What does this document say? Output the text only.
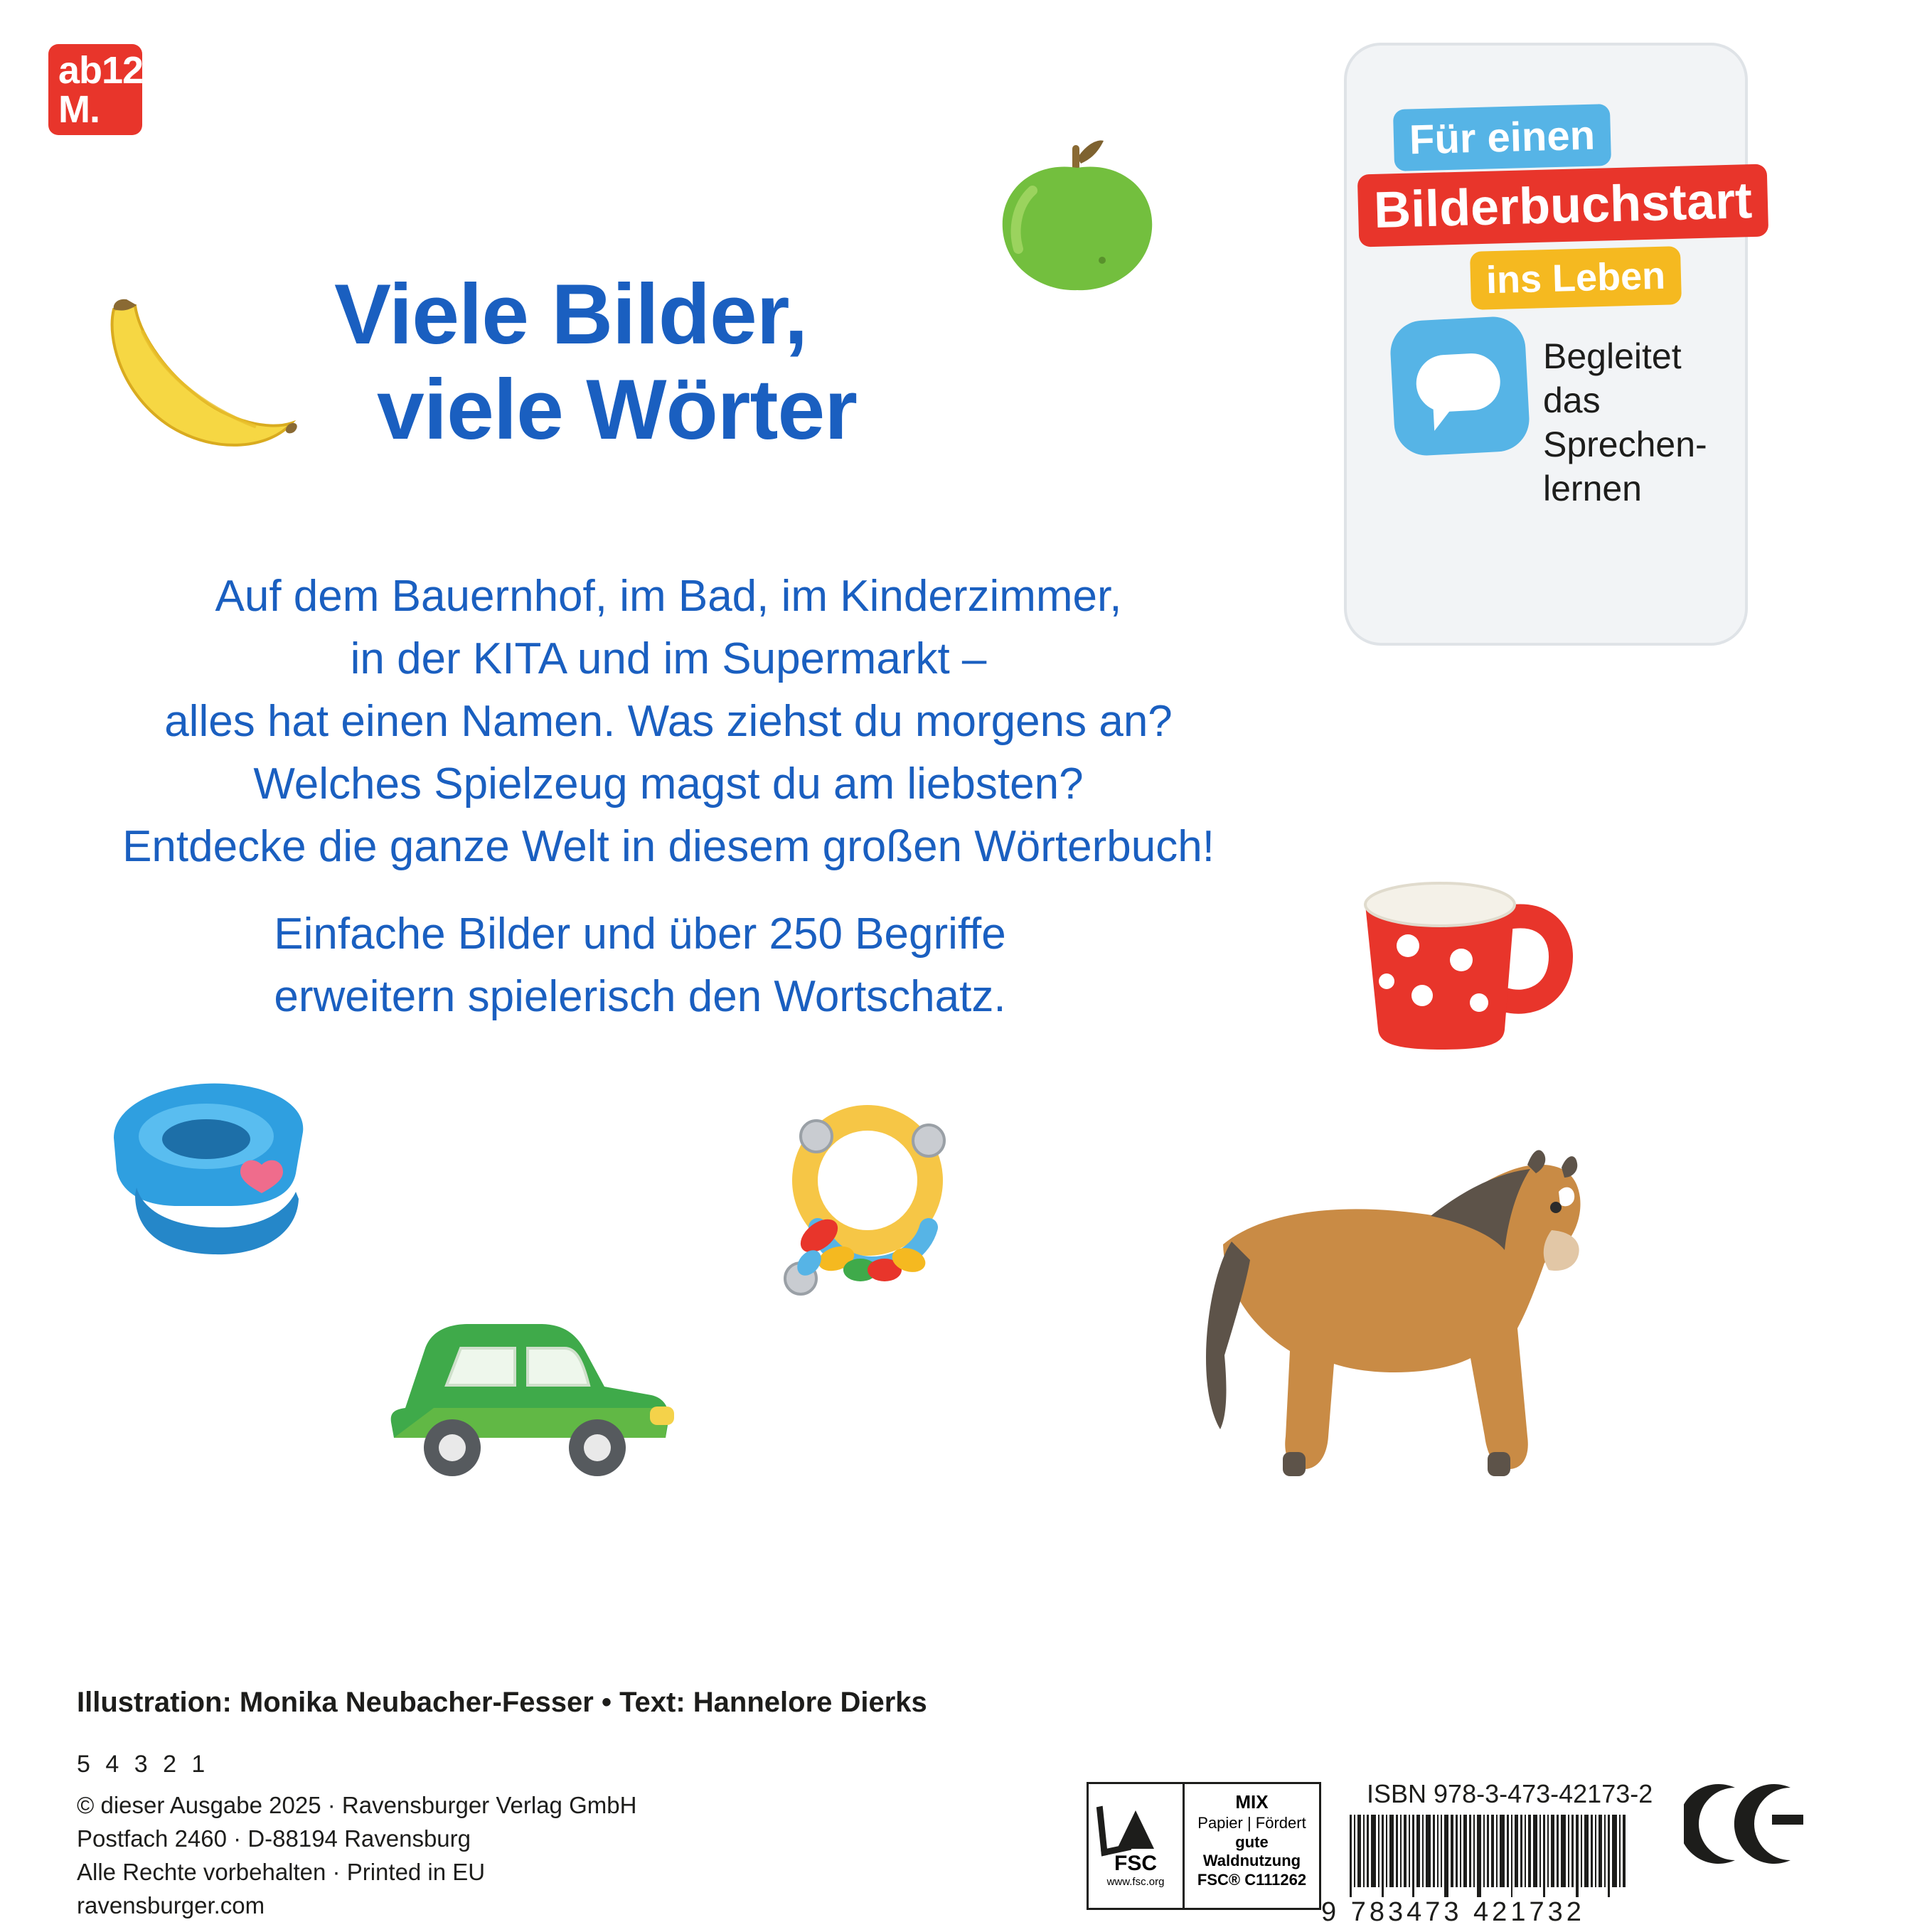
ab12
M.
Viele Bilder,
viele Wörter
Auf dem Bauernhof, im Bad, im Kinderzimmer,
in der KITA und im Supermarkt –
alles hat einen Namen. Was ziehst du morgens an?
Welches Spielzeug magst du am liebsten?
Entdecke die ganze Welt in diesem großen Wörterbuch!
Einfache Bilder und über 250 Begriffe
erweitern spielerisch den Wortschatz.
Für einen
Bilderbuchstart
ins Leben
Begleitet das Sprechen- lernen
Illustration: Monika Neubacher-Fesser • Text: Hannelore Dierks
5 4 3 2 1
© dieser Ausgabe 2025 · Ravensburger Verlag GmbH
Postfach 2460 · D-88194 Ravensburg
Alle Rechte vorbehalten · Printed in EU
ravensburger.com
FSC
www.fsc.org
MIX
Papier | Fördert
gute Waldnutzung
FSC® C111262
ISBN 978-3-473-42173-2
9 783473 421732
